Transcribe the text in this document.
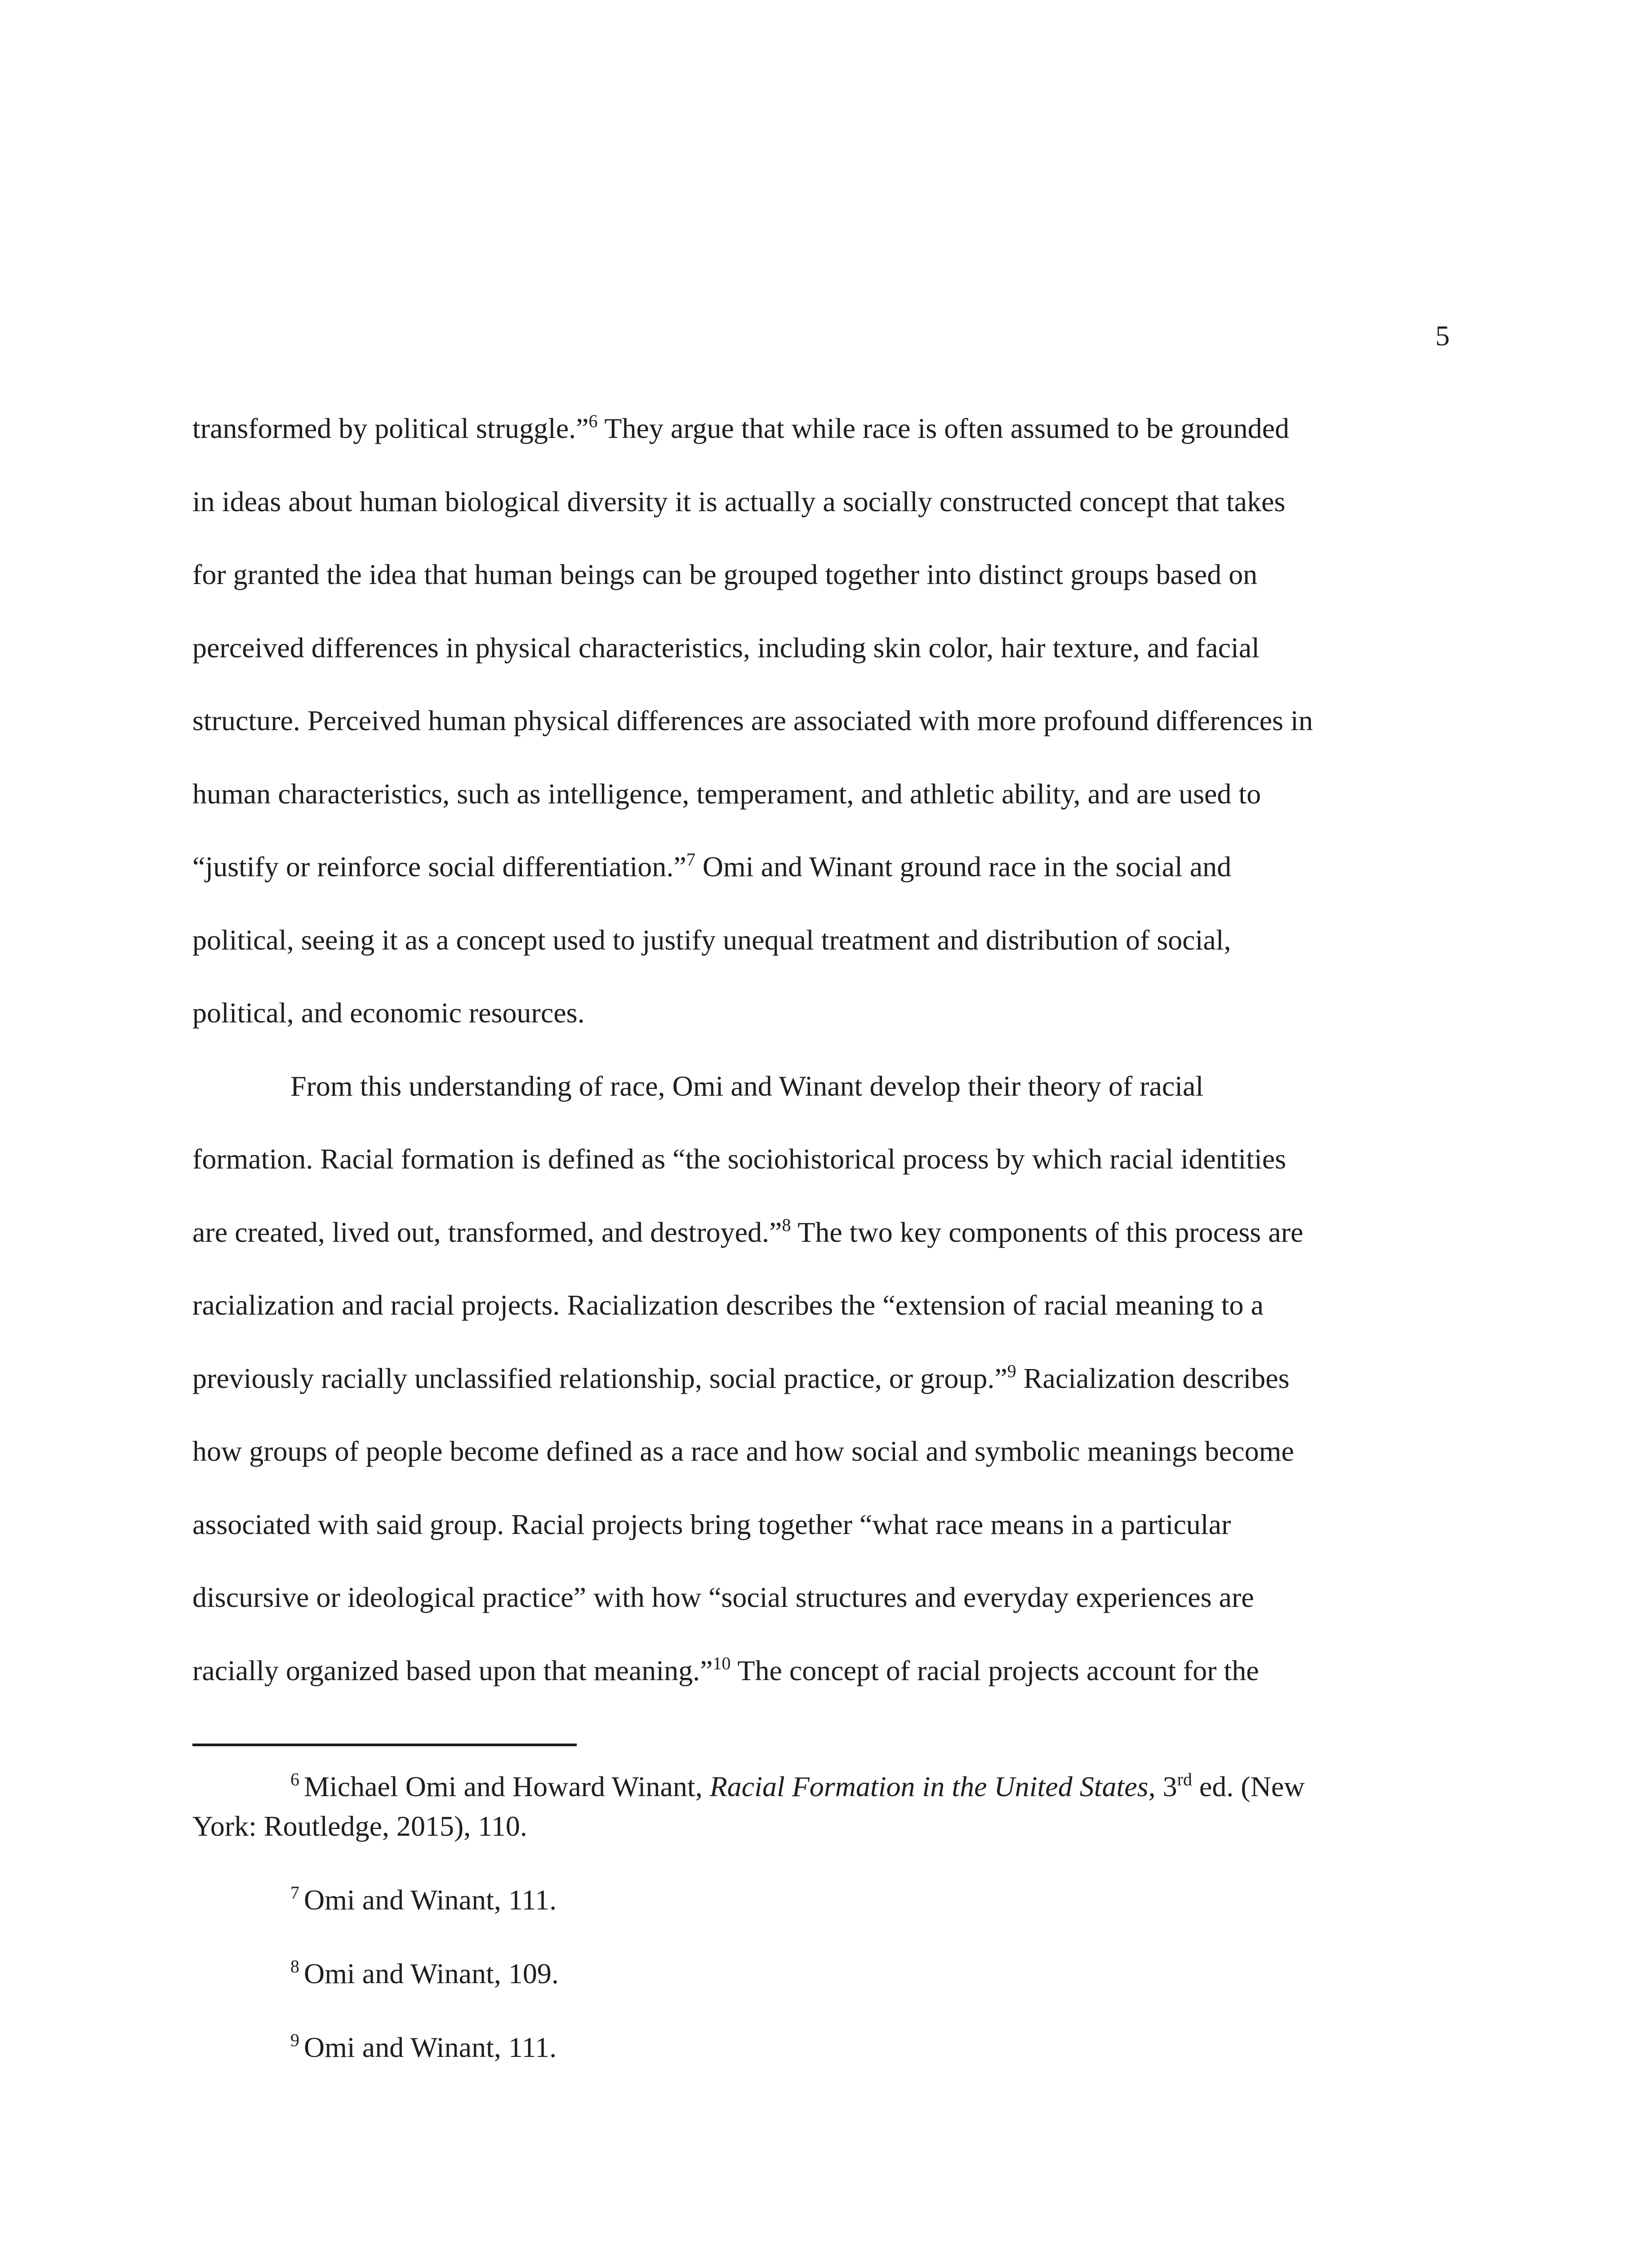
5
transformed by political struggle.”$^6$ They argue that while race is often assumed to be grounded
in ideas about human biological diversity it is actually a socially constructed concept that takes
for granted the idea that human beings can be grouped together into distinct groups based on
perceived differences in physical characteristics, including skin color, hair texture, and facial
structure. Perceived human physical differences are associated with more profound differences in
human characteristics, such as intelligence, temperament, and athletic ability, and are used to
“justify or reinforce social differentiation.”$^7$ Omi and Winant ground race in the social and
political, seeing it as a concept used to justify unequal treatment and distribution of social,
political, and economic resources.
From this understanding of race, Omi and Winant develop their theory of racial
formation. Racial formation is defined as “the sociohistorical process by which racial identities
are created, lived out, transformed, and destroyed.”$^8$ The two key components of this process are
racialization and racial projects. Racialization describes the “extension of racial meaning to a
previously racially unclassified relationship, social practice, or group.”$^9$ Racialization describes
how groups of people become defined as a race and how social and symbolic meanings become
associated with said group. Racial projects bring together “what race means in a particular
discursive or ideological practice” with how “social structures and everyday experiences are
racially organized based upon that meaning.”$^{10}$ The concept of racial projects account for the
$^6$ Michael Omi and Howard Winant, Racial Formation in the United States, 3rd ed. (New
York: Routledge, 2015), 110.
$^7$ Omi and Winant, 111.
$^8$ Omi and Winant, 109.
$^9$ Omi and Winant, 111.
